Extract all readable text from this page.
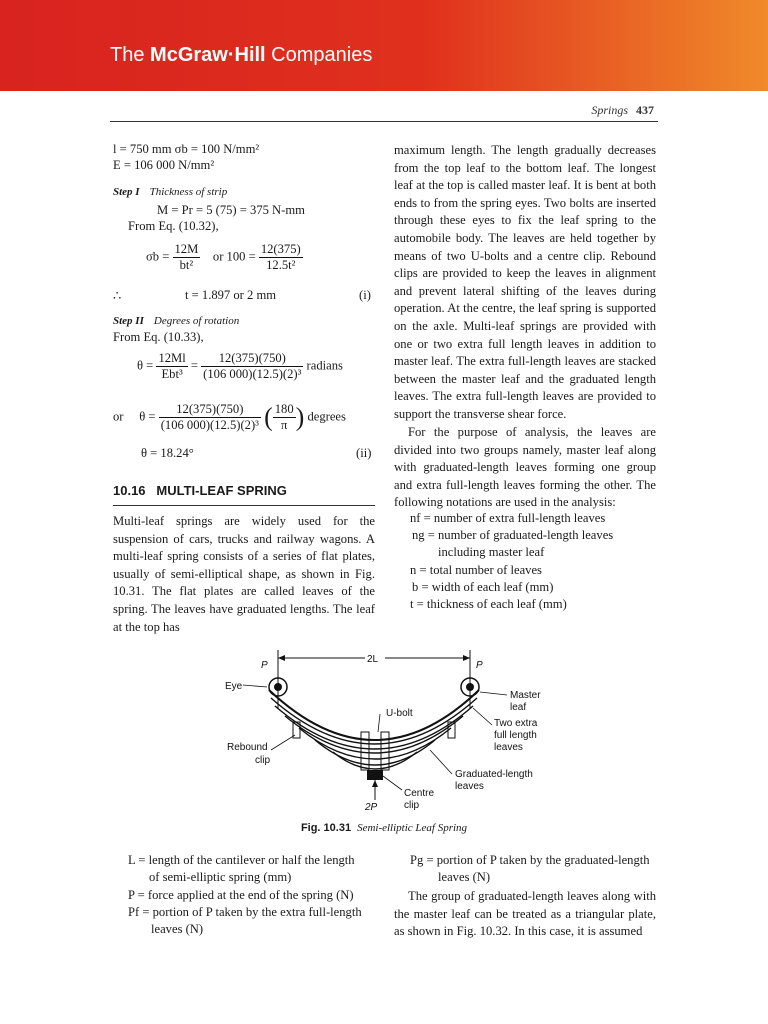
The McGraw·Hill Companies
Springs 437
l = 750 mm σb = 100 N/mm²
E = 106 000 N/mm²
Step I Thickness of strip
M = Pr = 5 (75) = 375 N-mm
From Eq. (10.32),
$\sigma b = \frac{12M}{\text{bt²}}$ or $100 = \frac{12(375)}{\text{12.5t²}}$
∴	t = 1.897 or 2 mm	(i)
Step II Degrees of rotation
From Eq. (10.33),
$\theta = \frac{12Ml}{\text{Ebt³}} = \frac{12(375)(750)}{\text{(106 000)(12.5)(2)³}}$ radians
or $\theta = \frac{12(375)(750)}{\text{(106 000)(12.5)(2)³}}$ ( $\frac{180}{\pi}$ ) degrees
θ = 18.24°	(ii)
10.16 MULTI-LEAF SPRING
Multi-leaf springs are widely used for the suspension of cars, trucks and railway wagons. A multi-leaf spring consists of a series of flat plates, usually of semi-elliptical shape, as shown in Fig. 10.31. The flat plates are called leaves of the spring. The leaves have graduated lengths. The leaf at the top has
maximum length. The length gradually decreases from the top leaf to the bottom leaf. The longest leaf at the top is called master leaf. It is bent at both ends to from the spring eyes. Two bolts are inserted through these eyes to fix the leaf spring to the automobile body. The leaves are held together by means of two U-bolts and a centre clip. Rebound clips are provided to keep the leaves in alignment and prevent lateral shifting of the leaves during operation. At the centre, the leaf spring is supported on the axle. Multi-leaf springs are provided with one or two extra full length leaves in addition to master leaf. The extra full-length leaves are stacked between the master leaf and the graduated length leaves. The extra full-length leaves are provided to support the transverse shear force.
For the purpose of analysis, the leaves are divided into two groups namely, master leaf along with graduated-length leaves forming one group and extra full-length leaves forming the other. The following notations are used in the analysis:
nf = number of extra full-length leaves
ng = number of graduated-length leaves
including master leaf
n = total number of leaves
b = width of each leaf (mm)
t = thickness of each leaf (mm)
2L
P	P
Eye
U-bolt
Master
leaf
Two extra
full length
leaves
Rebound
clip
Graduated-length
leaves
Centre
clip
2P
Fig. 10.31 Semi-elliptic Leaf Spring
L = length of the cantilever or half the length
of semi-elliptic spring (mm)
P = force applied at the end of the spring (N)
Pf = portion of P taken by the extra full-length
leaves (N)
Pg = portion of P taken by the graduated-length
leaves (N)
The group of graduated-length leaves along with the master leaf can be treated as a triangular plate, as shown in Fig. 10.32. In this case, it is assumed
